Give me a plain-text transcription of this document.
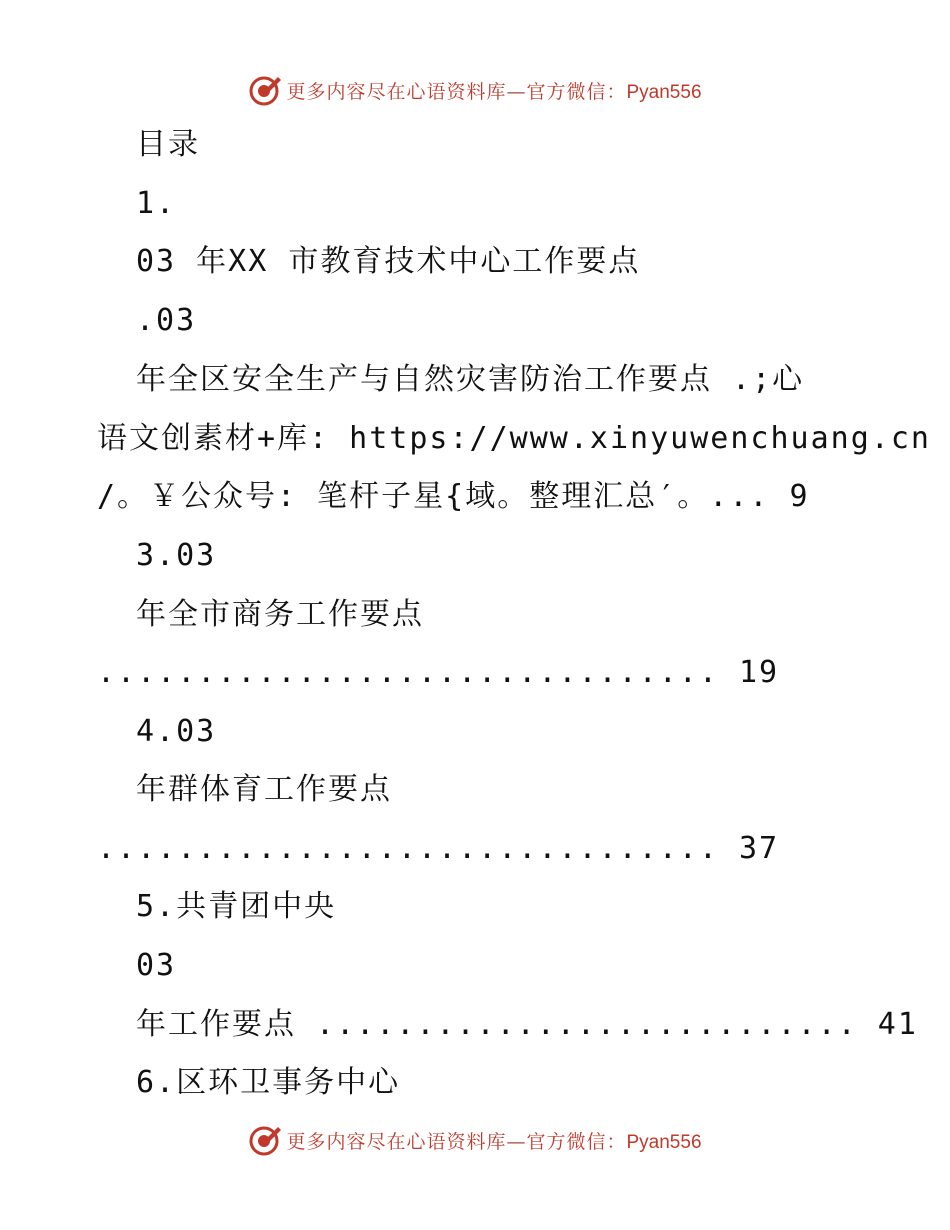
更多内容尽在心语资料库—官方微信：Pyan556
目录
1.
03 年XX 市教育技术中心工作要点
.03
年全区安全生产与自然灾害防治工作要点 .;心
语文创素材+库: https://www.xinyuwenchuang.cn
/。￥公众号: 笔杆子星{域。整理汇总′。... 9
3.03
年全市商务工作要点
............................... 19
4.03
年群体育工作要点
............................... 37
5.共青团中央
03
年工作要点 ........................... 41
6.区环卫事务中心
更多内容尽在心语资料库—官方微信：Pyan556
